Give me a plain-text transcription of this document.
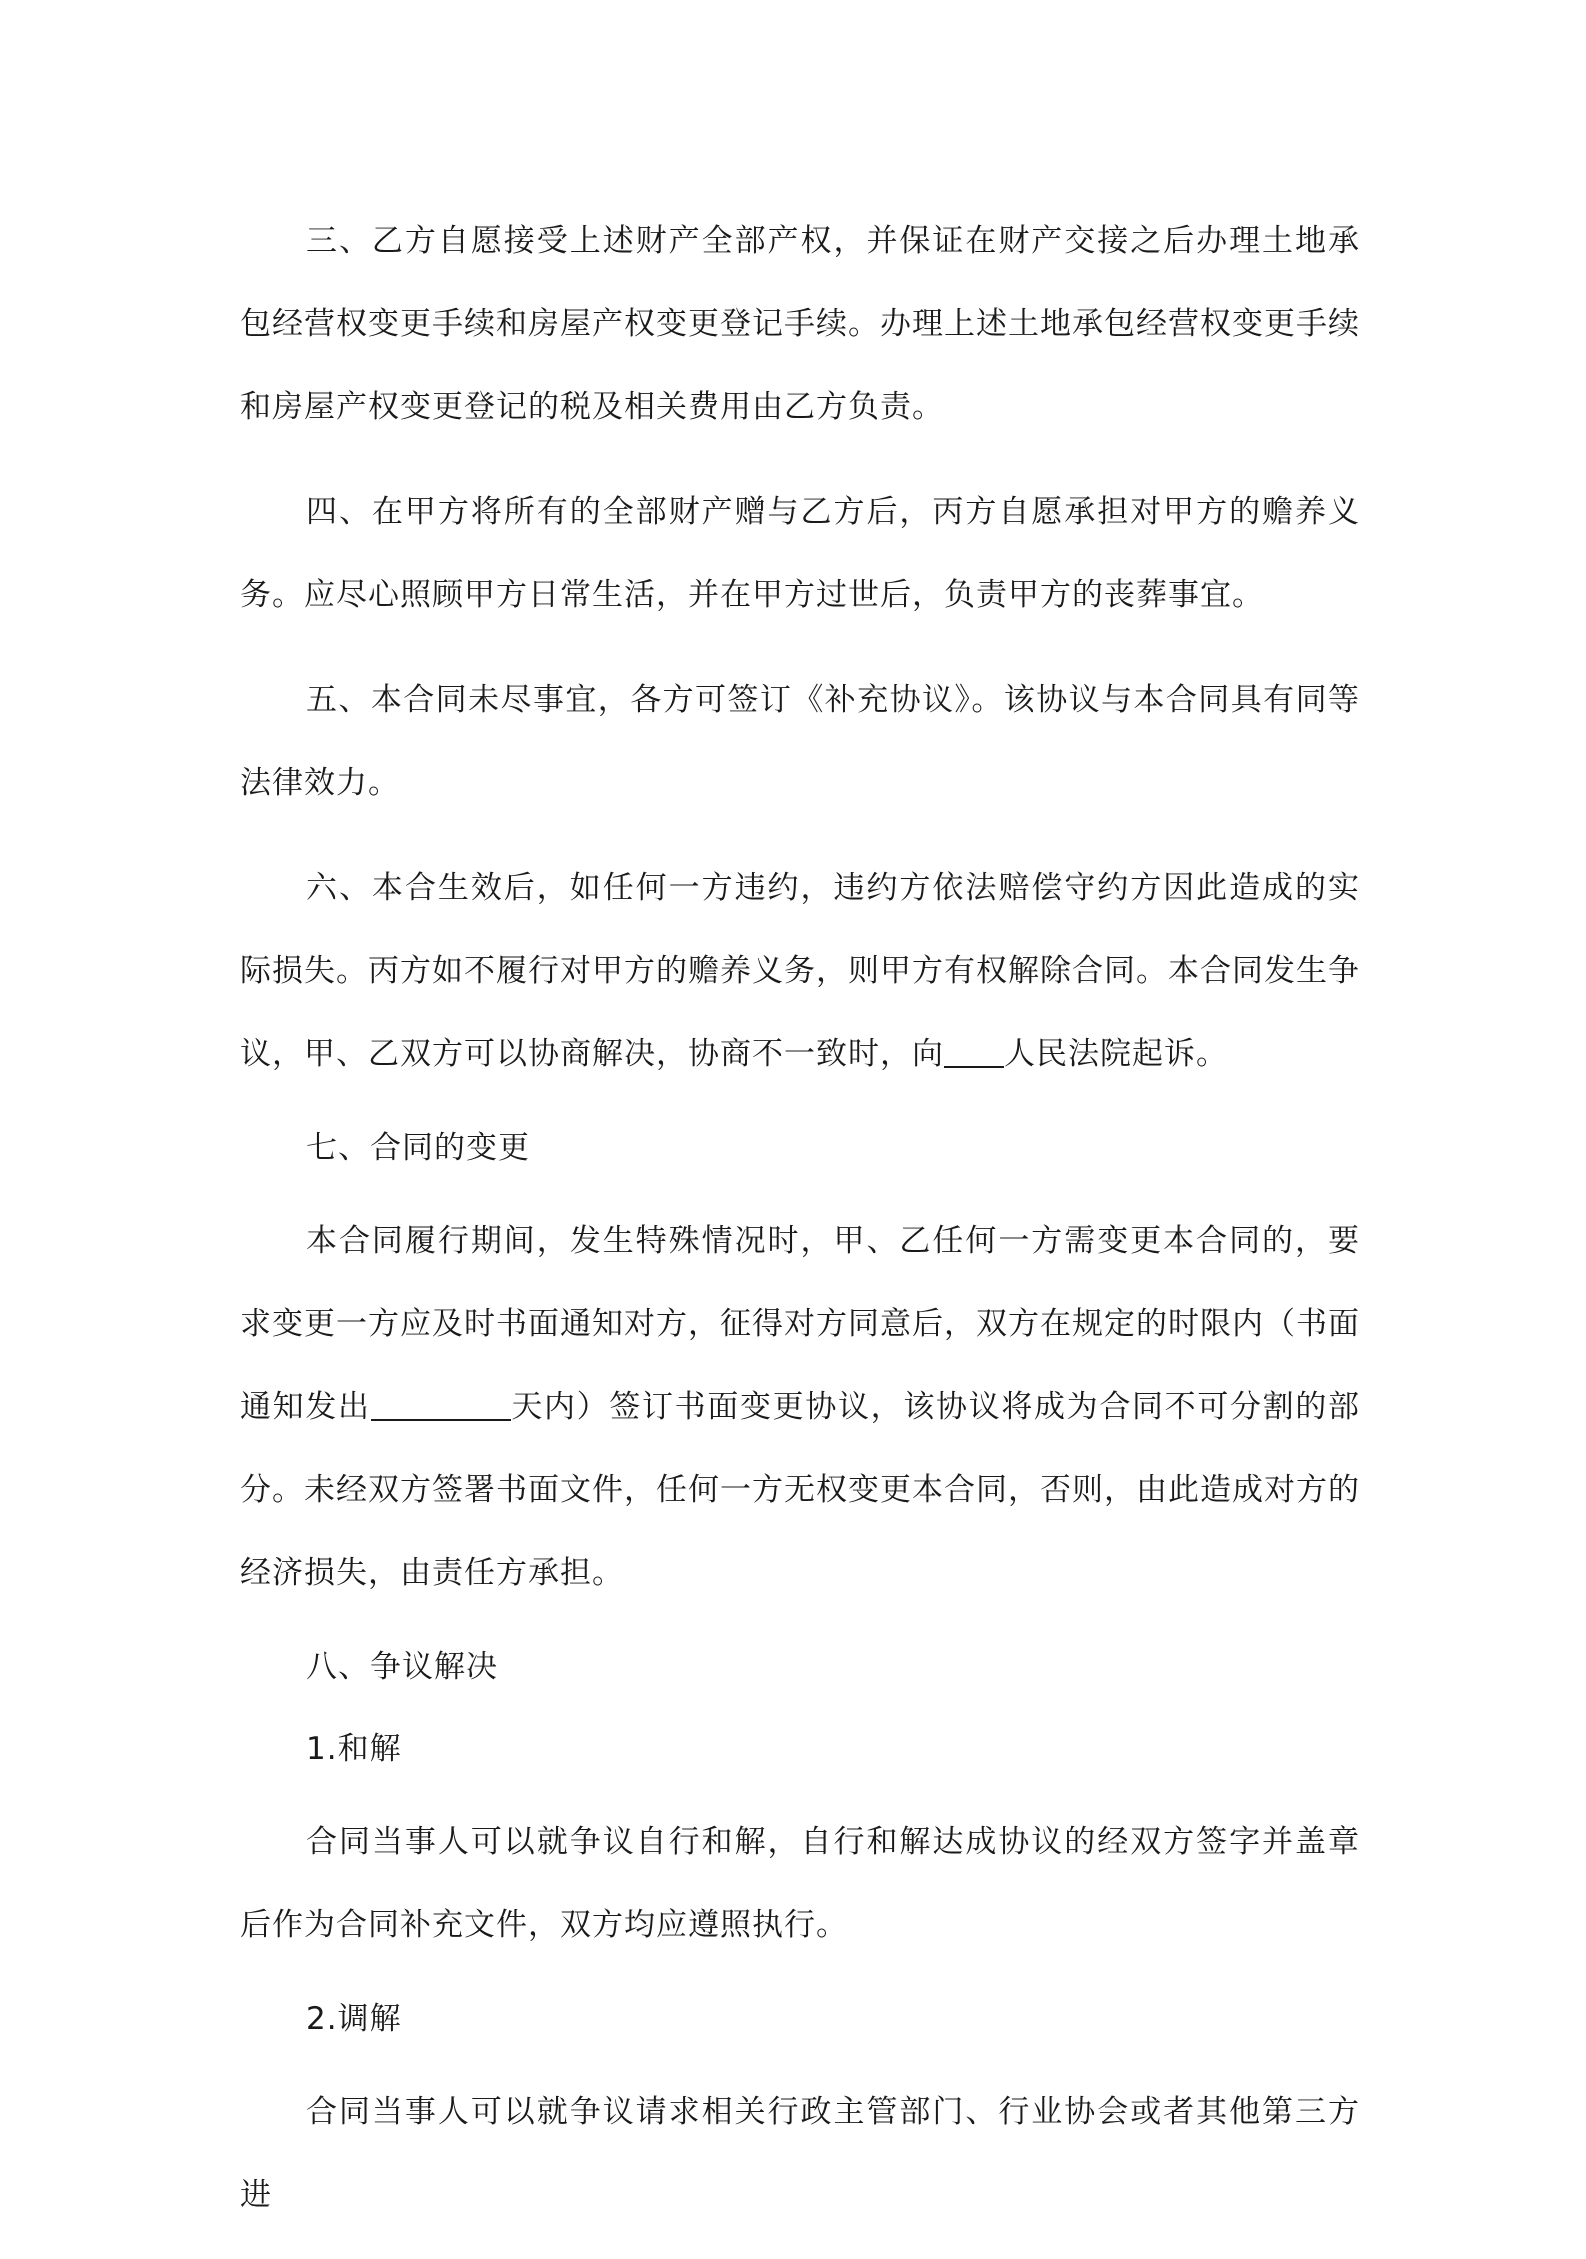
三、乙方自愿接受上述财产全部产权，并保证在财产交接之后办理土地承包经营权变更手续和房屋产权变更登记手续。办理上述土地承包经营权变更手续和房屋产权变更登记的税及相关费用由乙方负责。

四、在甲方将所有的全部财产赠与乙方后，丙方自愿承担对甲方的赡养义务。应尽心照顾甲方日常生活，并在甲方过世后，负责甲方的丧葬事宜。

五、本合同未尽事宜，各方可签订《补充协议》。该协议与本合同具有同等法律效力。

六、本合生效后，如任何一方违约，违约方依法赔偿守约方因此造成的实际损失。丙方如不履行对甲方的赡养义务，则甲方有权解除合同。本合同发生争议，甲、乙双方可以协商解决，协商不一致时，向 人民法院起诉。

七、合同的变更

本合同履行期间，发生特殊情况时，甲、乙任何一方需变更本合同的，要求变更一方应及时书面通知对方，征得对方同意后，双方在规定的时限内（书面通知发出	天内）签订书面变更协议，该协议将成为合同不可分割的部分。未经双方签署书面文件，任何一方无权变更本合同，否则，由此造成对方的经济损失，由责任方承担。

八、争议解决

1.和解

合同当事人可以就争议自行和解，自行和解达成协议的经双方签字并盖章后作为合同补充文件，双方均应遵照执行。

2.调解

合同当事人可以就争议请求相关行政主管部门、行业协会或者其他第三方进
